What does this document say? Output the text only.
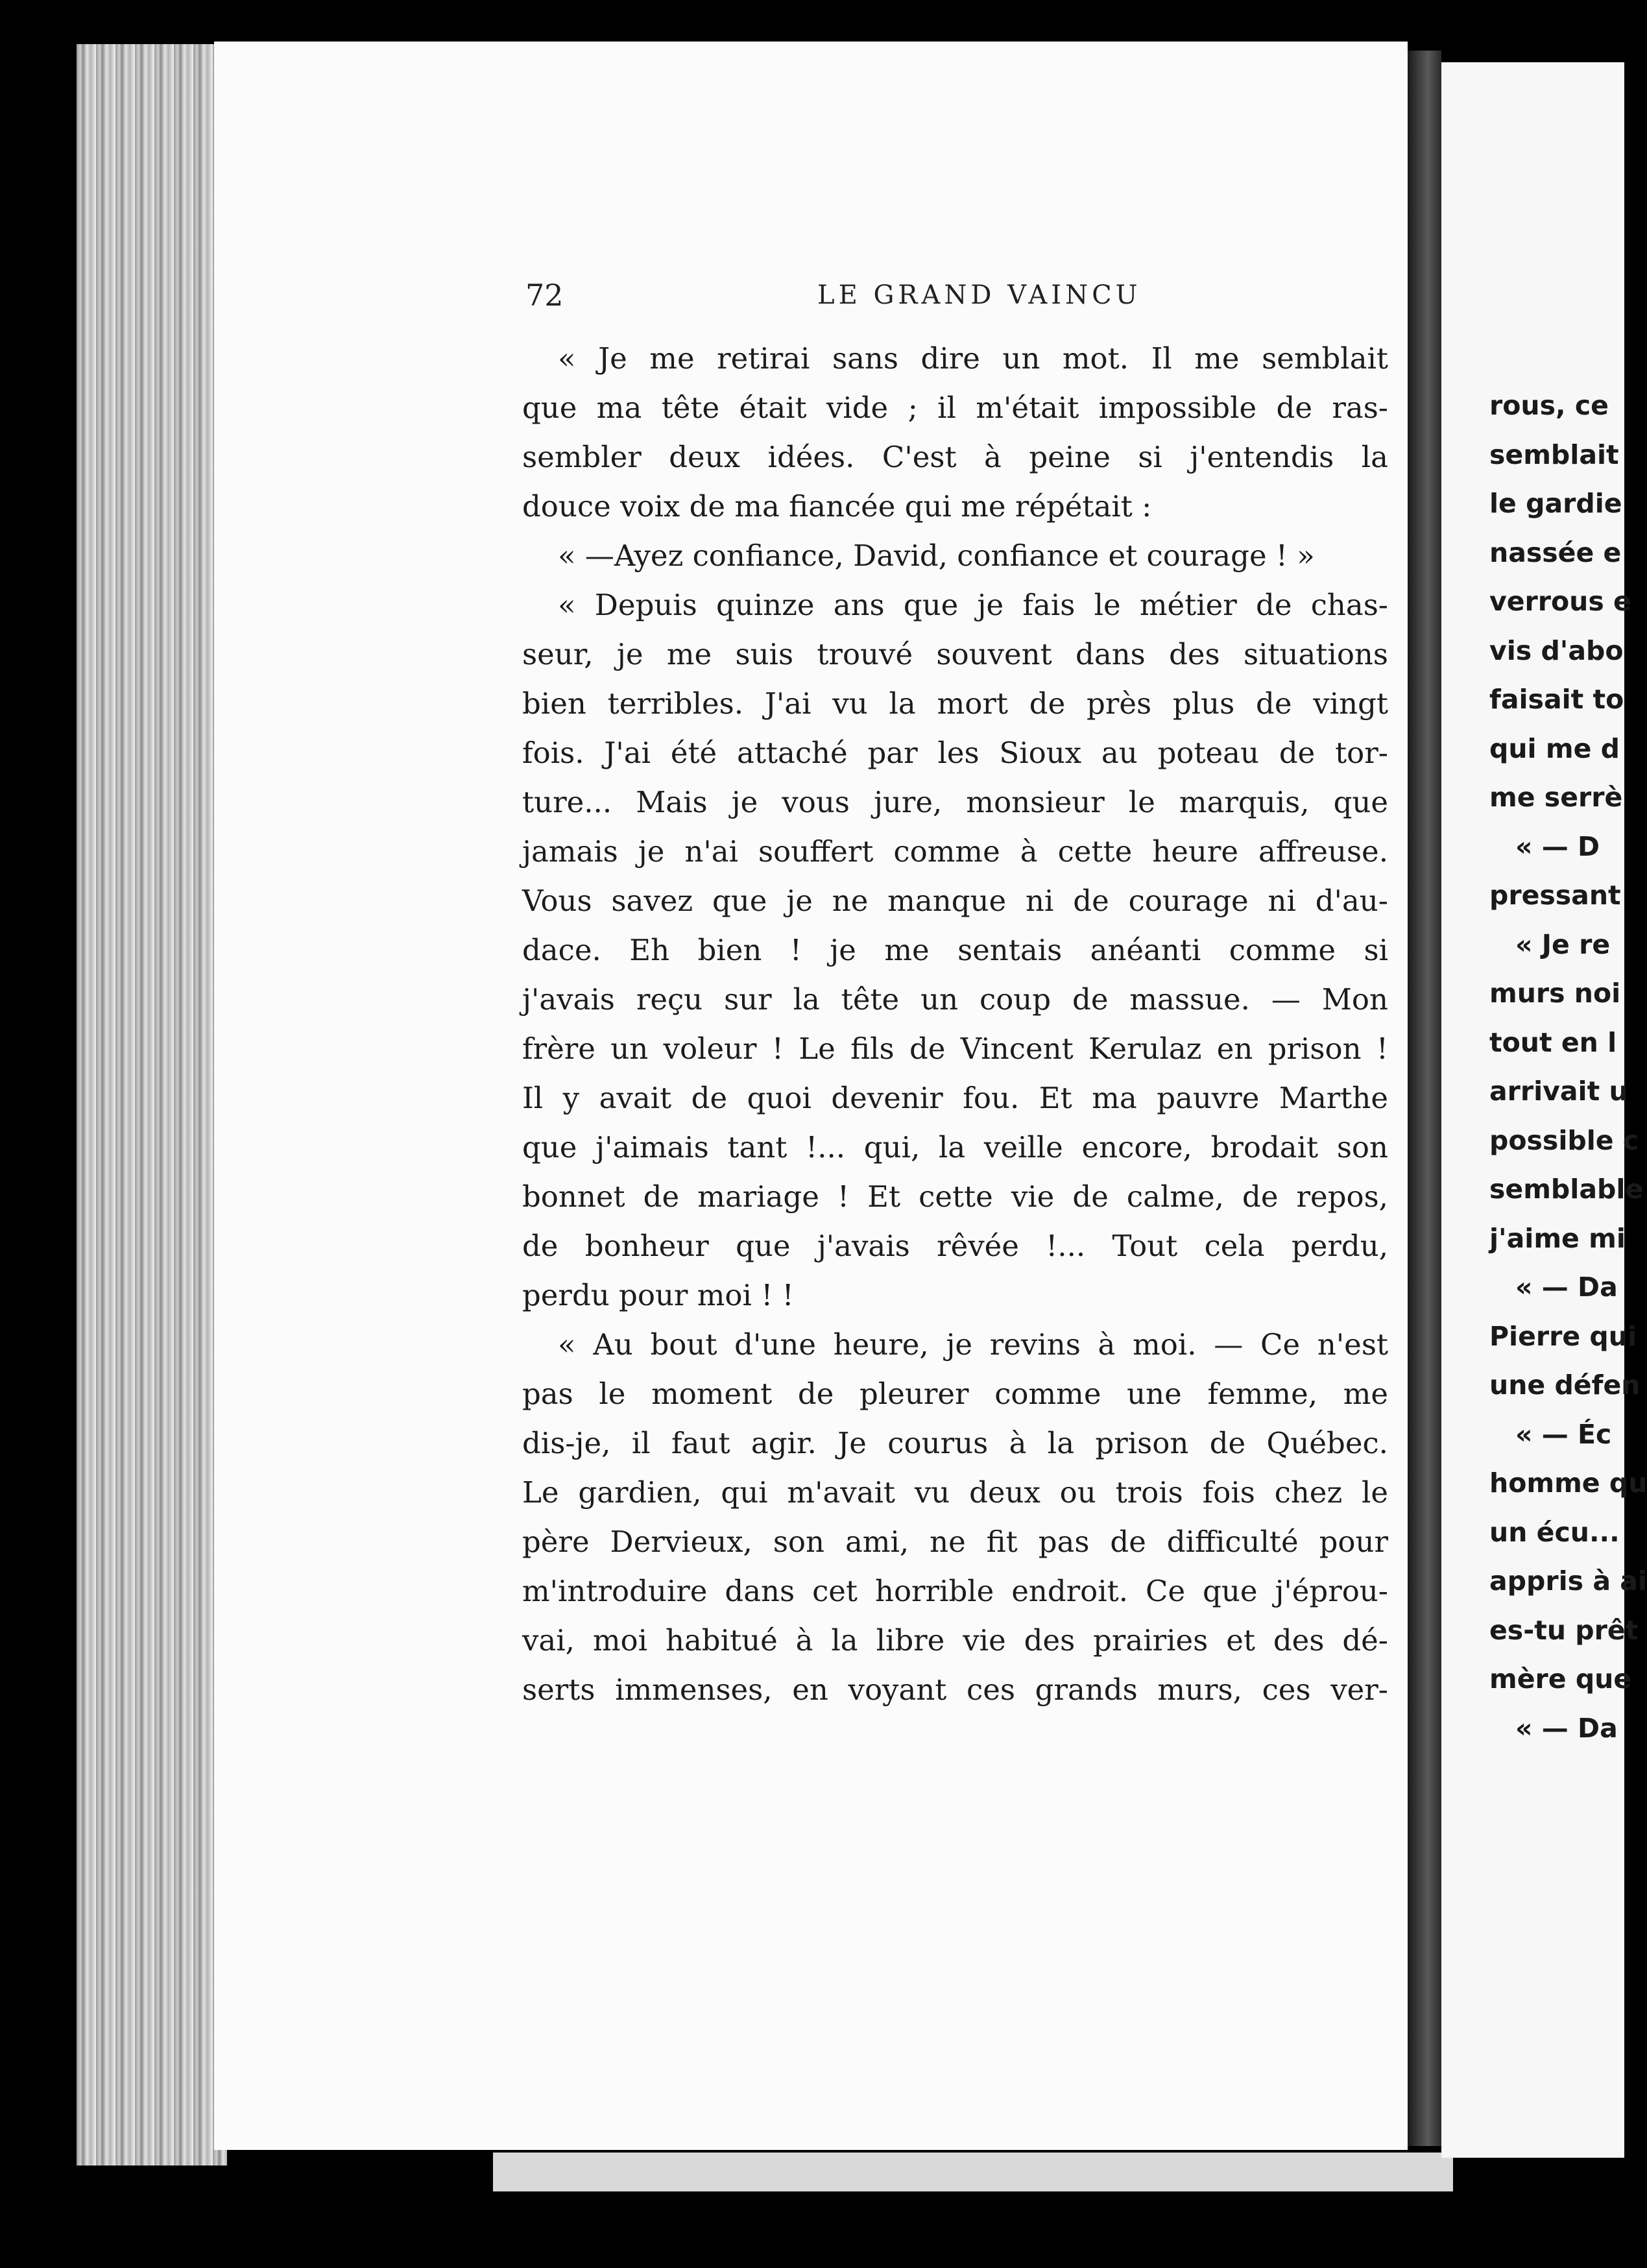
72	LE GRAND VAINCU
« Je me retirai sans dire un mot. Il me semblait
que ma tête était vide ; il m'était impossible de ras-
sembler deux idées. C'est à peine si j'entendis la
douce voix de ma fiancée qui me répétait :
« —Ayez confiance, David, confiance et courage ! »
« Depuis quinze ans que je fais le métier de chas-
seur, je me suis trouvé souvent dans des situations
bien terribles. J'ai vu la mort de près plus de vingt
fois. J'ai été attaché par les Sioux au poteau de tor-
ture... Mais je vous jure, monsieur le marquis, que
jamais je n'ai souffert comme à cette heure affreuse.
Vous savez que je ne manque ni de courage ni d'au-
dace. Eh bien ! je me sentais anéanti comme si
j'avais reçu sur la tête un coup de massue. — Mon
frère un voleur ! Le fils de Vincent Kerulaz en prison !
Il y avait de quoi devenir fou. Et ma pauvre Marthe
que j'aimais tant !... qui, la veille encore, brodait son
bonnet de mariage ! Et cette vie de calme, de repos,
de bonheur que j'avais rêvée !... Tout cela perdu,
perdu pour moi ! !
« Au bout d'une heure, je revins à moi. — Ce n'est
pas le moment de pleurer comme une femme, me
dis-je, il faut agir. Je courus à la prison de Québec.
Le gardien, qui m'avait vu deux ou trois fois chez le
père Dervieux, son ami, ne fit pas de difficulté pour
m'introduire dans cet horrible endroit. Ce que j'éprou-
vai, moi habitué à la libre vie des prairies et des dé-
serts immenses, en voyant ces grands murs, ces ver-
rous, ce
semblait
le gardie
nassée e
verrous e
vis d'abo
faisait to
qui me d
me serrè
« — D
pressant
« Je re
murs noi
tout en l
arrivait u
possible c
semblable
j'aime mi
« — Da
Pierre qui
une défen
« — Éc
homme qu
un écu...
appris à ai
es-tu prêt
mère que
« — Da
